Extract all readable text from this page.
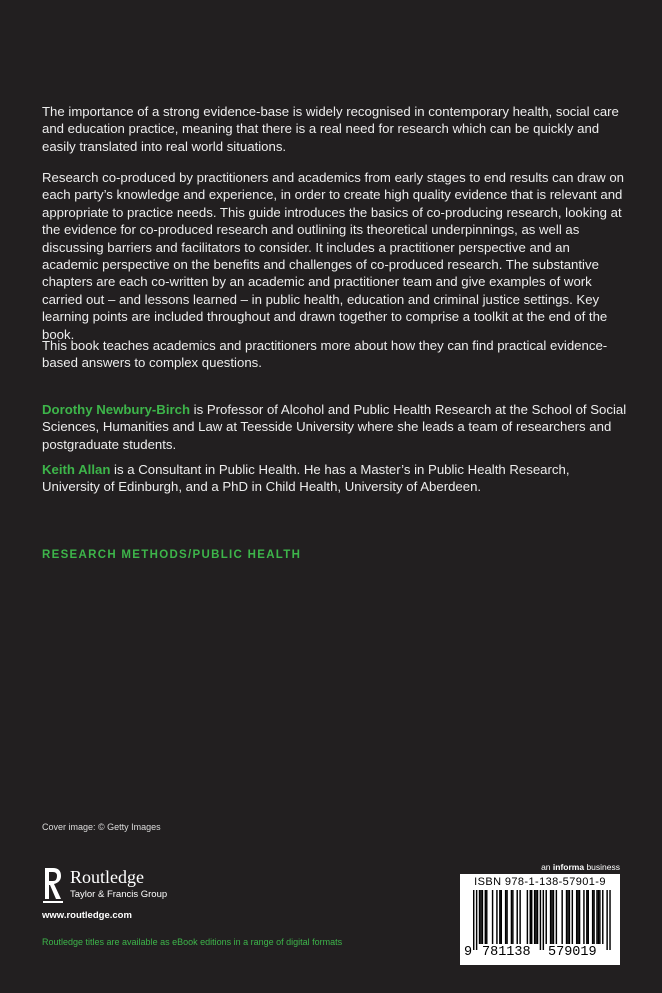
The importance of a strong evidence-base is widely recognised in contemporary health, social care and education practice, meaning that there is a real need for research which can be quickly and easily translated into real world situations.

Research co-produced by practitioners and academics from early stages to end results can draw on each party’s knowledge and experience, in order to create high quality evidence that is relevant and appropriate to practice needs. This guide introduces the basics of co-producing research, looking at the evidence for co-produced research and outlining its theoretical underpinnings, as well as discussing barriers and facilitators to consider. It includes a practitioner perspective and an academic perspective on the benefits and challenges of co-produced research. The substantive chapters are each co-written by an academic and practitioner team and give examples of work carried out – and lessons learned – in public health, education and criminal justice settings. Key learning points are included throughout and drawn together to comprise a toolkit at the end of the book.

This book teaches academics and practitioners more about how they can find practical evidence-based answers to complex questions.

Dorothy Newbury-Birch is Professor of Alcohol and Public Health Research at the School of Social Sciences, Humanities and Law at Teesside University where she leads a team of researchers and postgraduate students.

Keith Allan is a Consultant in Public Health. He has a Master’s in Public Health Research, University of Edinburgh, and a PhD in Child Health, University of Aberdeen.

RESEARCH METHODS/PUBLIC HEALTH
Cover image: © Getty Images
Routledge
Taylor & Francis Group
www.routledge.com
Routledge titles are available as eBook editions in a range of digital formats
an informa business
ISBN 978-1-138-57901-9
9 781138 579019
